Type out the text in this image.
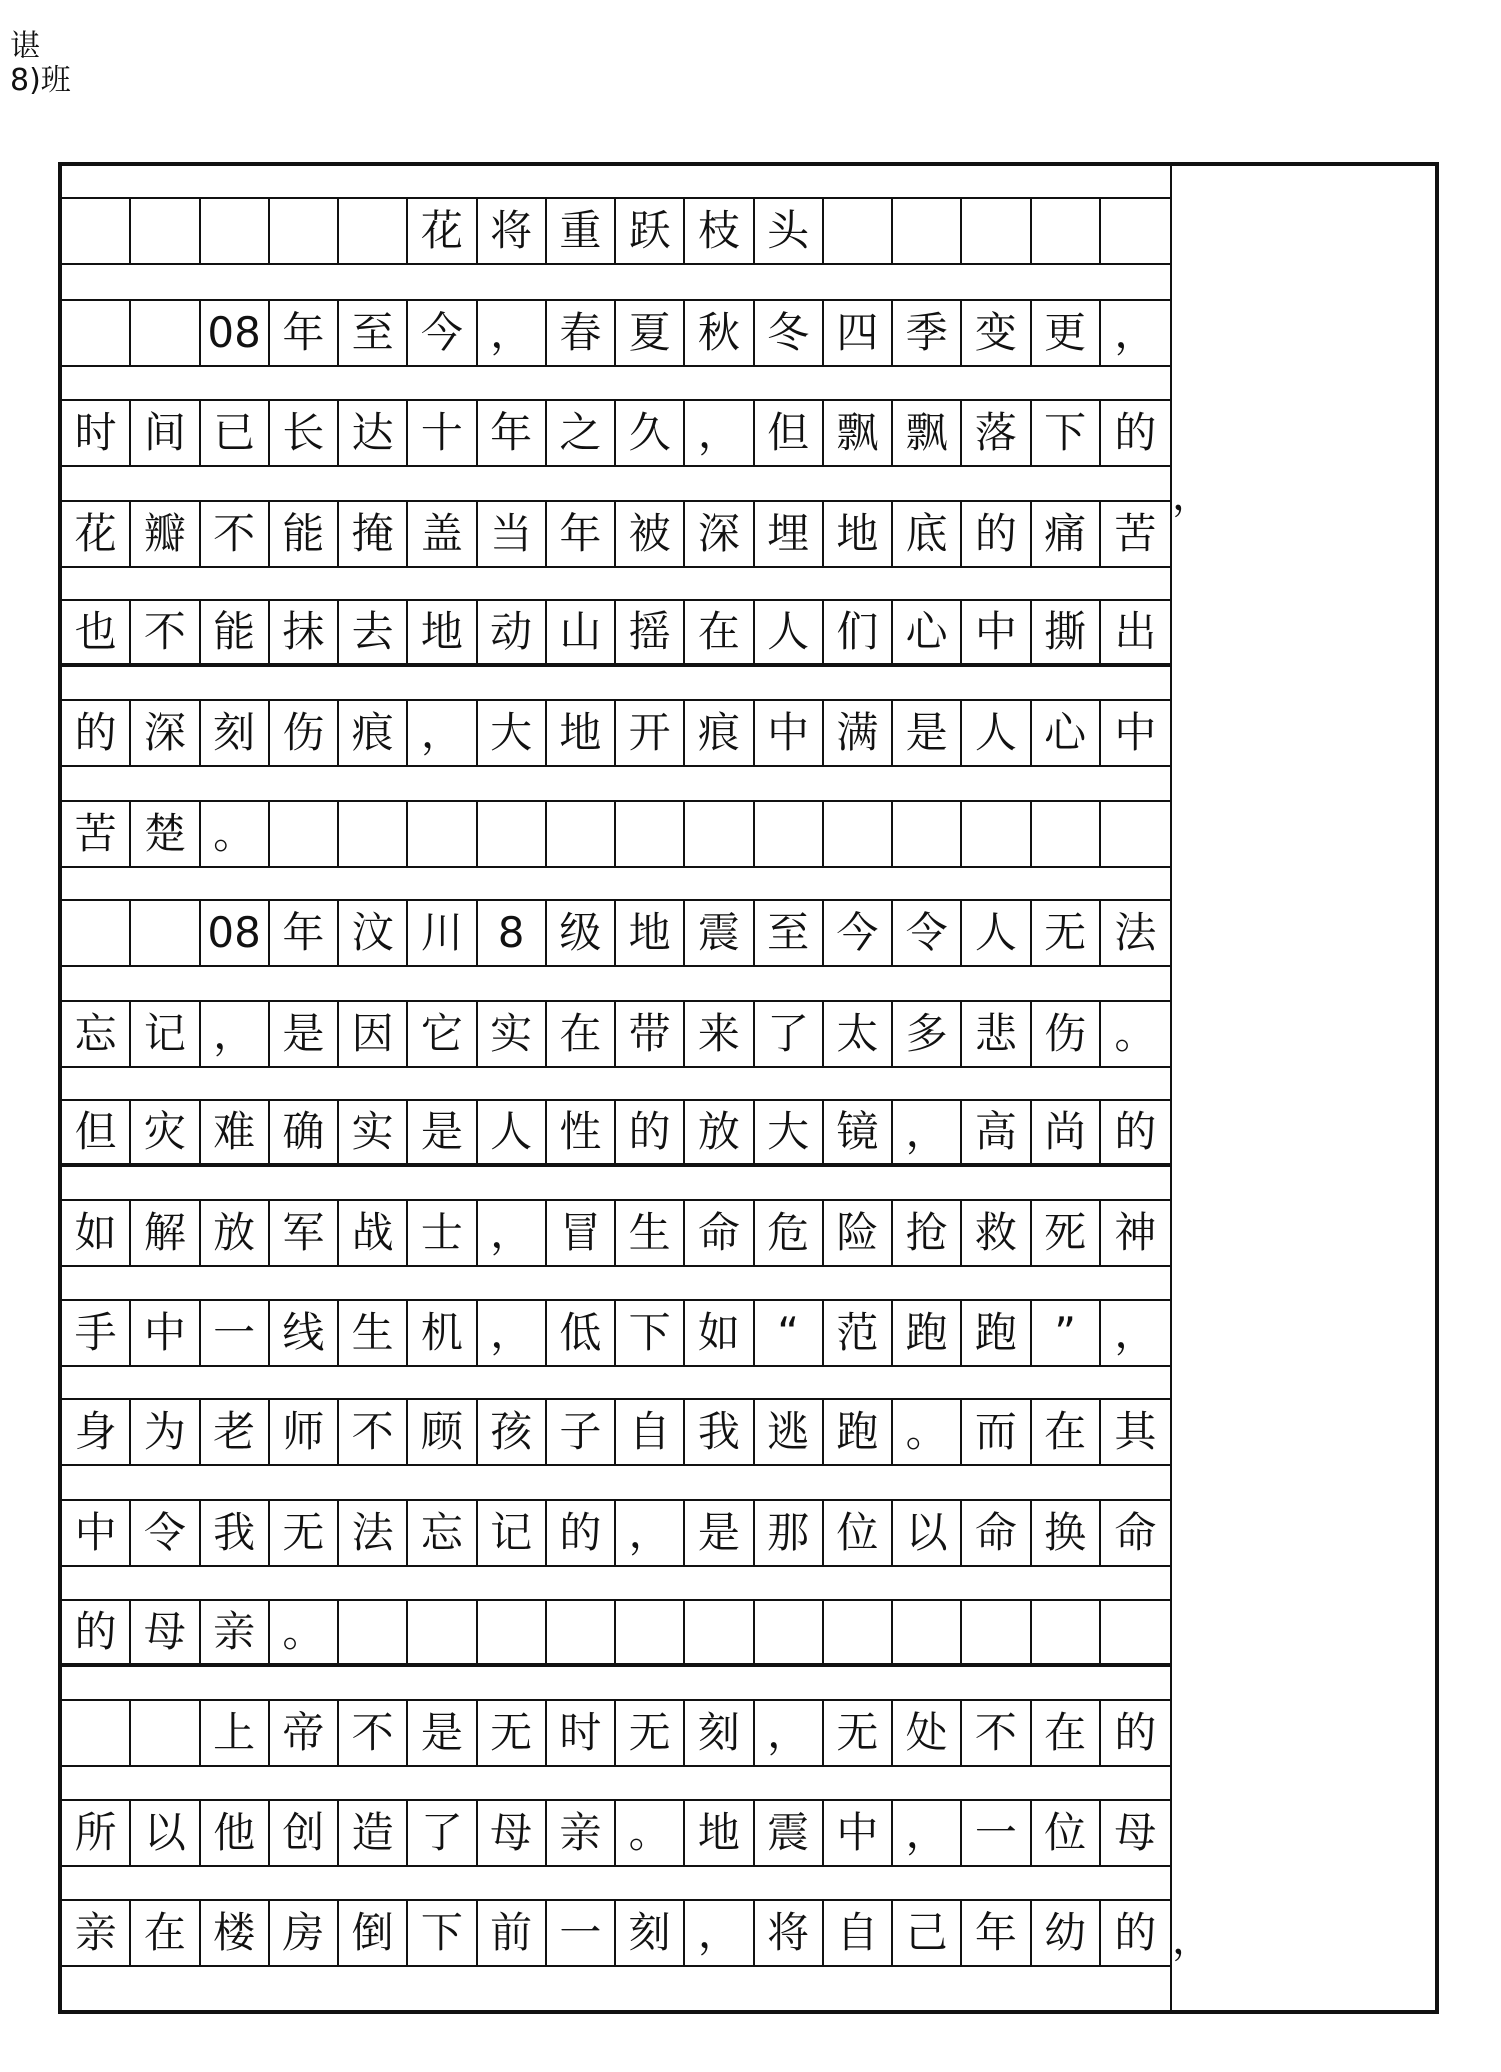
谌
8)班
花 将 重 跃 枝 头
08 年 至 今 ， 春 夏 秋 冬 四 季 变 更 ，
时 间 已 长 达 十 年 之 久 ， 但 飘 飘 落 下 的
花 瓣 不 能 掩 盖 当 年 被 深 埋 地 底 的 痛 苦
也 不 能 抹 去 地 动 山 摇 在 人 们 心 中 撕 出
的 深 刻 伤 痕 ， 大 地 开 痕 中 满 是 人 心 中
苦 楚 。
08 年 汶 川 8 级 地 震 至 今 令 人 无 法
忘 记 ， 是 因 它 实 在 带 来 了 太 多 悲 伤 。
但 灾 难 确 实 是 人 性 的 放 大 镜 ， 高 尚 的
如 解 放 军 战 士 ， 冒 生 命 危 险 抢 救 死 神
手 中 一 线 生 机 ， 低 下 如 “ 范 跑 跑 ” ，
身 为 老 师 不 顾 孩 子 自 我 逃 跑 。 而 在 其
中 令 我 无 法 忘 记 的 ， 是 那 位 以 命 换 命
的 母 亲 。
上 帝 不 是 无 时 无 刻 ， 无 处 不 在 的
所 以 他 创 造 了 母 亲 。 地 震 中 ， 一 位 母
亲 在 楼 房 倒 下 前 一 刻 ， 将 自 己 年 幼 的
，
，
